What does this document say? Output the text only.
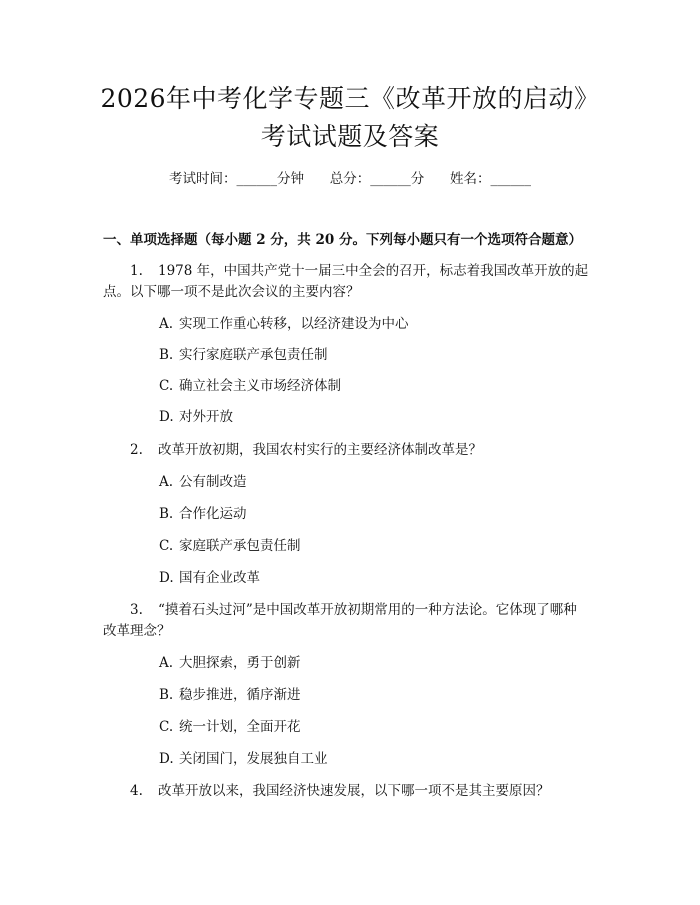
2026年中考化学专题三《改革开放的启动》
考试试题及答案
考试时间：______分钟      总分：______分      姓名：______
一、单项选择题（每小题 2 分，共 20 分。下列每小题只有一个选项符合题意）
1. 1978 年，中国共产党十一届三中全会的召开，标志着我国改革开放的起
点。以下哪一项不是此次会议的主要内容？
A. 实现工作重心转移，以经济建设为中心
B. 实行家庭联产承包责任制
C. 确立社会主义市场经济体制
D. 对外开放
2. 改革开放初期，我国农村实行的主要经济体制改革是？
A. 公有制改造
B. 合作化运动
C. 家庭联产承包责任制
D. 国有企业改革
3. “摸着石头过河”是中国改革开放初期常用的一种方法论。它体现了哪种
改革理念？
A. 大胆探索，勇于创新
B. 稳步推进，循序渐进
C. 统一计划，全面开花
D. 关闭国门，发展独自工业
4. 改革开放以来，我国经济快速发展，以下哪一项不是其主要原因？
